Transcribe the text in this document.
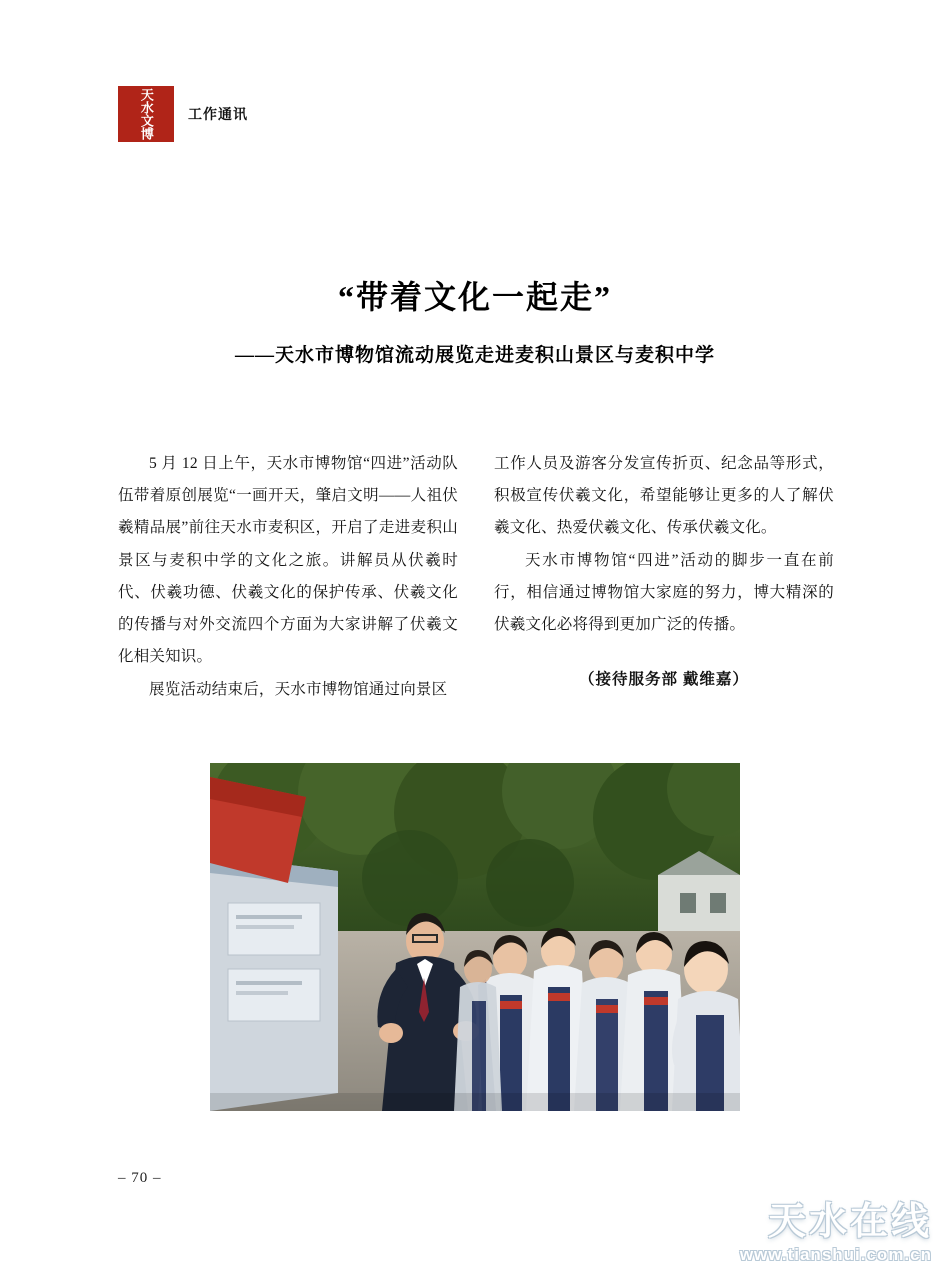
天水文博	工作通讯
“带着文化一起走”
——天水市博物馆流动展览走进麦积山景区与麦积中学

5 月 12 日上午，天水市博物馆“四进”活动队伍带着原创展览“一画开天，肇启文明——人祖伏羲精品展”前往天水市麦积区，开启了走进麦积山景区与麦积中学的文化之旅。讲解员从伏羲时代、伏羲功德、伏羲文化的保护传承、伏羲文化的传播与对外交流四个方面为大家讲解了伏羲文化相关知识。

展览活动结束后，天水市博物馆通过向景区

工作人员及游客分发宣传折页、纪念品等形式，积极宣传伏羲文化，希望能够让更多的人了解伏羲文化、热爱伏羲文化、传承伏羲文化。

天水市博物馆“四进”活动的脚步一直在前行，相信通过博物馆大家庭的努力，博大精深的伏羲文化必将得到更加广泛的传播。

（接待服务部 戴维嘉）
– 70 –
天水在线
www.tianshui.com.cn
